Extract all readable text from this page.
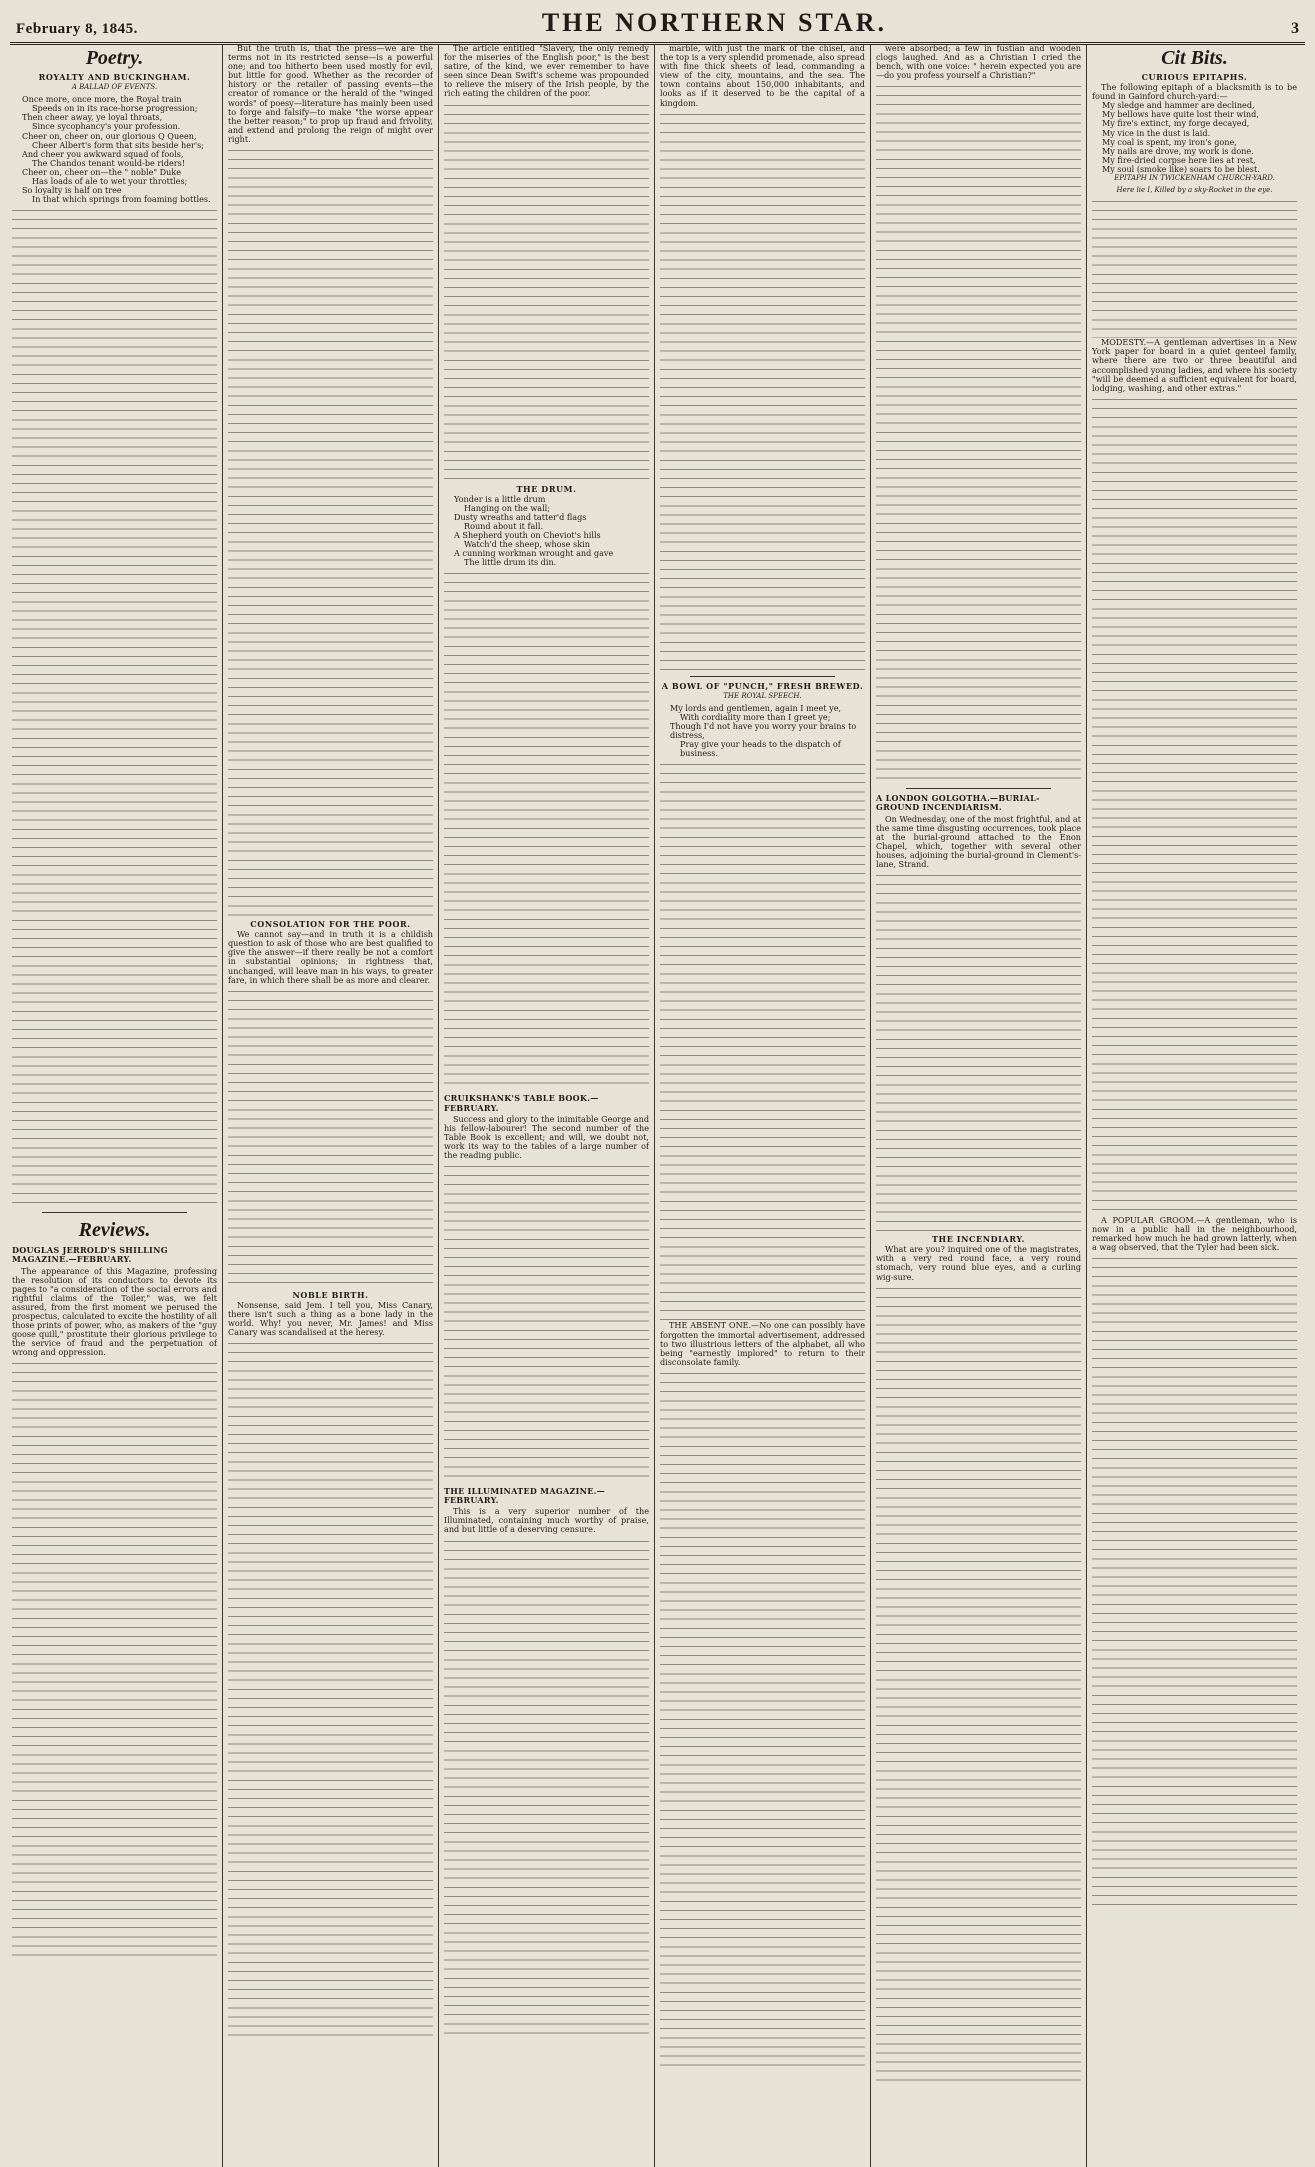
February 8, 1845.	THE NORTHERN STAR.	3
Poetry.
ROYALTY AND BUCKINGHAM.
A BALLAD OF EVENTS.

Once more, once more, the Royal train

Speeds on in its race-horse progression;

Then cheer away, ye loyal throats,

Since sycophancy's your profession.

Cheer on, cheer on, our glorious Q Queen,

Cheer Albert's form that sits beside her's;

And cheer you awkward squad of fools,

The Chandos tenant would-be riders!

Cheer on, cheer on—the " noble" Duke

Has loads of ale to wet your throttles;

So loyalty is half on tree

In that which springs from foaming bottles.

Reviews.
DOUGLAS JERROLD'S SHILLING MAGAZINE.—FEBRUARY.

The appearance of this Magazine, professing the resolution of its conductors to devote its pages to "a consideration of the social errors and rightful claims of the Toiler," was, we felt assured, from the first moment we perused the prospectus, calculated to excite the hostility of all those prints of power, who, as makers of the "guy goose quill," prostitute their glorious privilege to the service of fraud and the perpetuation of wrong and oppression.

But the truth is, that the press—we are the terms not in its restricted sense—is a powerful one; and too hitherto been used mostly for evil, but little for good. Whether as the recorder of history or the retailer of passing events—the creator of romance or the herald of the "winged words" of poesy—literature has mainly been used to forge and falsify—to make "the worse appear the better reason;" to prop up fraud and frivolity, and extend and prolong the reign of might over right.

CONSOLATION FOR THE POOR.

We cannot say—and in truth it is a childish question to ask of those who are best qualified to give the answer—if there really be not a comfort in substantial opinions; in rightness that, unchanged, will leave man in his ways, to greater fare, in which there shall be as more and clearer.

NOBLE BIRTH.

Nonsense, said Jem. I tell you, Miss Canary, there isn't such a thing as a bone lady in the world. Why! you never, Mr. James! and Miss Canary was scandalised at the heresy.

The article entitled "Slavery, the only remedy for the miseries of the English poor," is the best satire, of the kind, we ever remember to have seen since Dean Swift's scheme was propounded to relieve the misery of the Irish people, by the rich eating the children of the poor.

THE DRUM.

Yonder is a little drum

Hanging on the wall;

Dusty wreaths and tatter'd flags

Round about it fall.

A Shepherd youth on Cheviot's hills

Watch'd the sheep, whose skin

A cunning workman wrought and gave

The little drum its din.

CRUIKSHANK'S TABLE BOOK.—FEBRUARY.

Success and glory to the inimitable George and his fellow-labourer! The second number of the Table Book is excellent; and will, we doubt not, work its way to the tables of a large number of the reading public.

THE ILLUMINATED MAGAZINE.—FEBRUARY.

This is a very superior number of the Illuminated, containing much worthy of praise, and but little of a deserving censure.

marble, with just the mark of the chisel, and the top is a very splendid promenade, also spread with fine thick sheets of lead, commanding a view of the city, mountains, and the sea. The town contains about 150,000 inhabitants, and looks as if it deserved to be the capital of a kingdom.

A BOWL OF "PUNCH," FRESH BREWED.
THE ROYAL SPEECH.

My lords and gentlemen, again I meet ye,

With cordiality more than I greet ye;

Though I'd not have you worry your brains to distress,

Pray give your heads to the dispatch of business.

THE ABSENT ONE.—No one can possibly have forgotten the immortal advertisement, addressed to two illustrious letters of the alphabet, all who being "earnestly implored" to return to their disconsolate family.

were absorbed; a few in fustian and wooden clogs laughed. And as a Christian I cried the bench, with one voice: " herein expected you are—do you profess yourself a Christian?"

A LONDON GOLGOTHA.—BURIAL-GROUND INCENDIARISM.

On Wednesday, one of the most frightful, and at the same time disgusting occurrences, took place at the burial-ground attached to the Enon Chapel, which, together with several other houses, adjoining the burial-ground in Clement's-lane, Strand.

THE INCENDIARY.

What are you? inquired one of the magistrates, with a very red round face, a very round stomach, very round blue eyes, and a curling wig-sure.

Cit Bits.
CURIOUS EPITAPHS.

The following epitaph of a blacksmith is to be found in Gainford church-yard:—

My sledge and hammer are declined,

My bellows have quite lost their wind,

My fire's extinct, my forge decayed,

My vice in the dust is laid.

My coal is spent, my iron's gone,

My nails are drove, my work is done.

My fire-dried corpse here lies at rest,

My soul (smoke like) soars to be blest.

EPITAPH IN TWICKENHAM CHURCH-YARD.
Here lie I, Killed by a sky-Rocket in the eye.

MODESTY.—A gentleman advertises in a New York paper for board in a quiet genteel family, where there are two or three beautiful and accomplished young ladies, and where his society "will be deemed a sufficient equivalent for board, lodging, washing, and other extras."

A POPULAR GROOM.—A gentleman, who is now in a public hall in the neighbourhood, remarked how much he had grown latterly, when a wag observed, that the Tyler had been sick.
